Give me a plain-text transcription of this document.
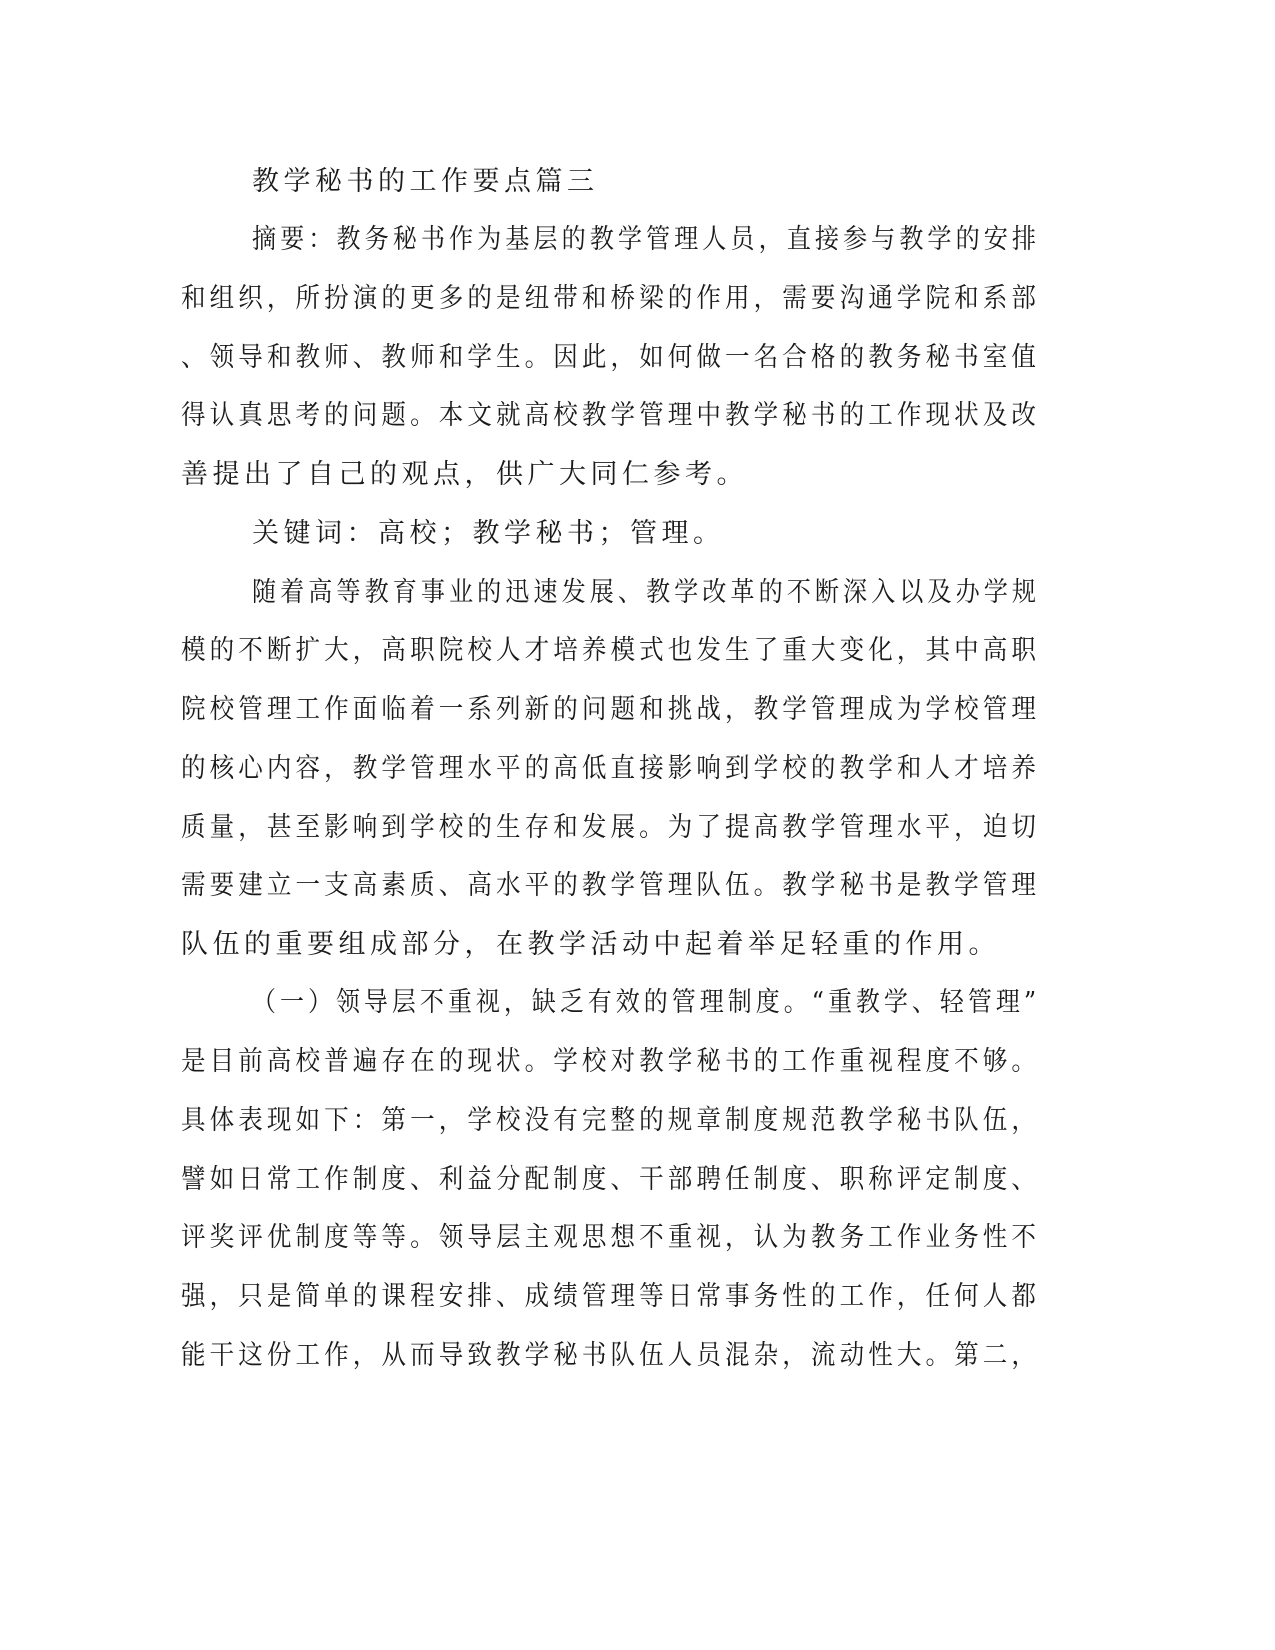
教学秘书的工作要点篇三

摘要：教务秘书作为基层的教学管理人员，直接参与教学的安排

和组织，所扮演的更多的是纽带和桥梁的作用，需要沟通学院和系部

、领导和教师、教师和学生。因此，如何做一名合格的教务秘书室值

得认真思考的问题。本文就高校教学管理中教学秘书的工作现状及改

善提出了自己的观点，供广大同仁参考。

关键词：高校；教学秘书；管理。

随着高等教育事业的迅速发展、教学改革的不断深入以及办学规

模的不断扩大，高职院校人才培养模式也发生了重大变化，其中高职

院校管理工作面临着一系列新的问题和挑战，教学管理成为学校管理

的核心内容，教学管理水平的高低直接影响到学校的教学和人才培养

质量，甚至影响到学校的生存和发展。为了提高教学管理水平，迫切

需要建立一支高素质、高水平的教学管理队伍。教学秘书是教学管理

队伍的重要组成部分，在教学活动中起着举足轻重的作用。

（一）领导层不重视，缺乏有效的管理制度。“重教学、轻管理”

是目前高校普遍存在的现状。学校对教学秘书的工作重视程度不够。

具体表现如下：第一，学校没有完整的规章制度规范教学秘书队伍，

譬如日常工作制度、利益分配制度、干部聘任制度、职称评定制度、

评奖评优制度等等。领导层主观思想不重视，认为教务工作业务性不

强，只是简单的课程安排、成绩管理等日常事务性的工作，任何人都

能干这份工作，从而导致教学秘书队伍人员混杂，流动性大。第二，
